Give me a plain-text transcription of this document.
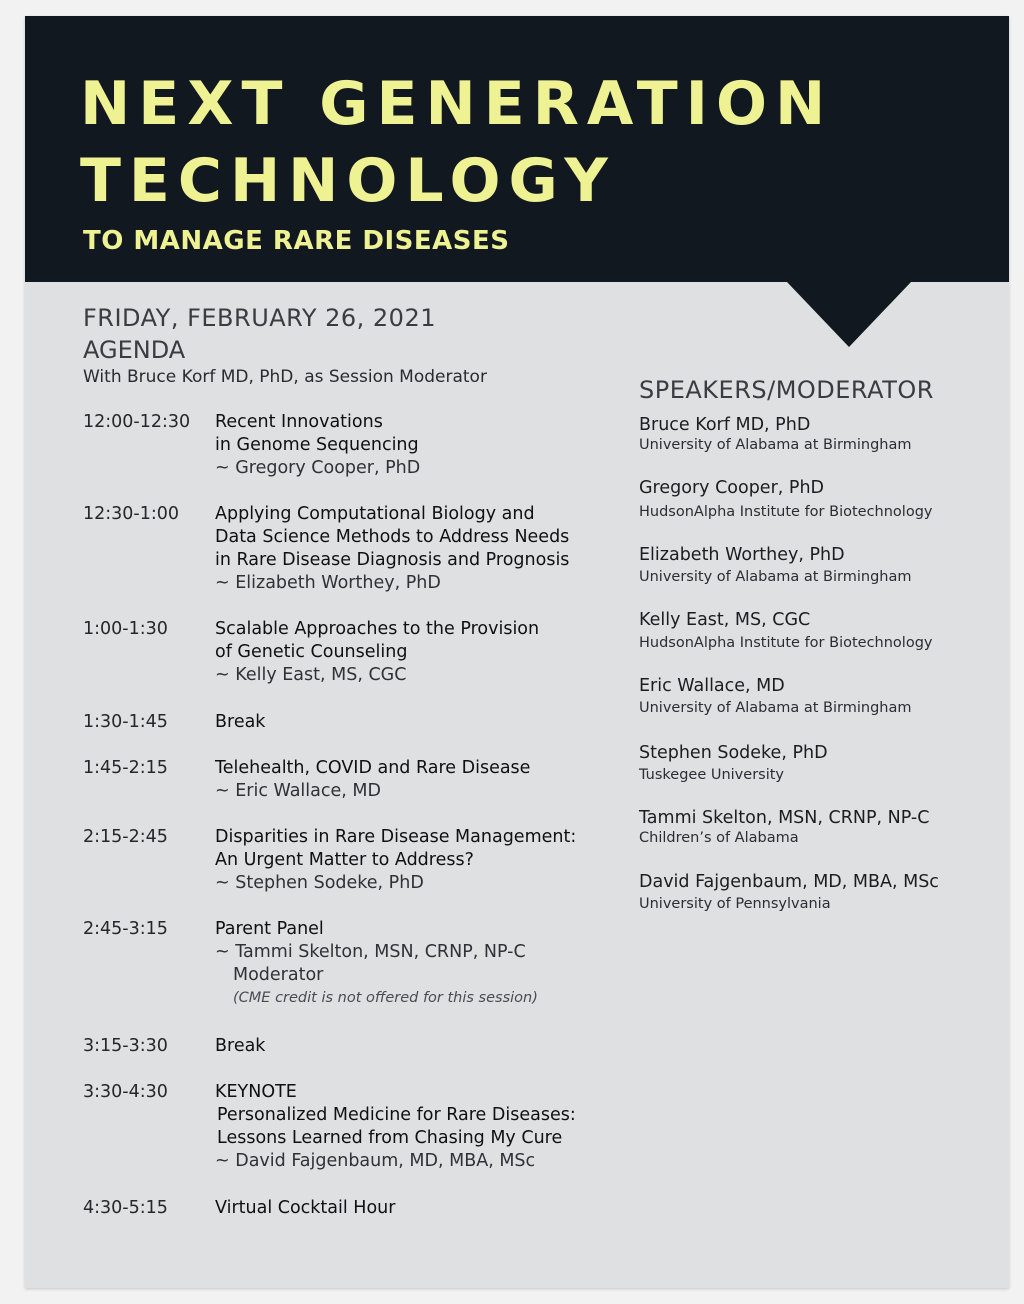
NEXT GENERATION
TECHNOLOGY
TO MANAGE RARE DISEASES
FRIDAY, FEBRUARY 26, 2021
AGENDA
With Bruce Korf MD, PhD, as Session Moderator
12:00-12:30 Recent Innovations
in Genome Sequencing
~ Gregory Cooper, PhD
12:30-1:00 Applying Computational Biology and
Data Science Methods to Address Needs
in Rare Disease Diagnosis and Prognosis
~ Elizabeth Worthey, PhD
1:00-1:30	Scalable Approaches to the Provision
of Genetic Counseling
~ Kelly East, MS, CGC
1:30-1:45	Break
1:45-2:15	Telehealth, COVID and Rare Disease
~ Eric Wallace, MD
2:15-2:45	Disparities in Rare Disease Management:
An Urgent Matter to Address?
~ Stephen Sodeke, PhD
2:45-3:15	Parent Panel
~ Tammi Skelton, MSN, CRNP, NP-C
Moderator
(CME credit is not offered for this session)
3:15-3:30	Break
3:30-4:30	KEYNOTE
Personalized Medicine for Rare Diseases:
Lessons Learned from Chasing My Cure
~ David Fajgenbaum, MD, MBA, MSc
4:30-5:15	Virtual Cocktail Hour
SPEAKERS/MODERATOR
Bruce Korf MD, PhD
University of Alabama at Birmingham
Gregory Cooper, PhD
HudsonAlpha Institute for Biotechnology
Elizabeth Worthey, PhD
University of Alabama at Birmingham
Kelly East, MS, CGC
HudsonAlpha Institute for Biotechnology
Eric Wallace, MD
University of Alabama at Birmingham
Stephen Sodeke, PhD
Tuskegee University
Tammi Skelton, MSN, CRNP, NP-C
Children’s of Alabama
David Fajgenbaum, MD, MBA, MSc
University of Pennsylvania
